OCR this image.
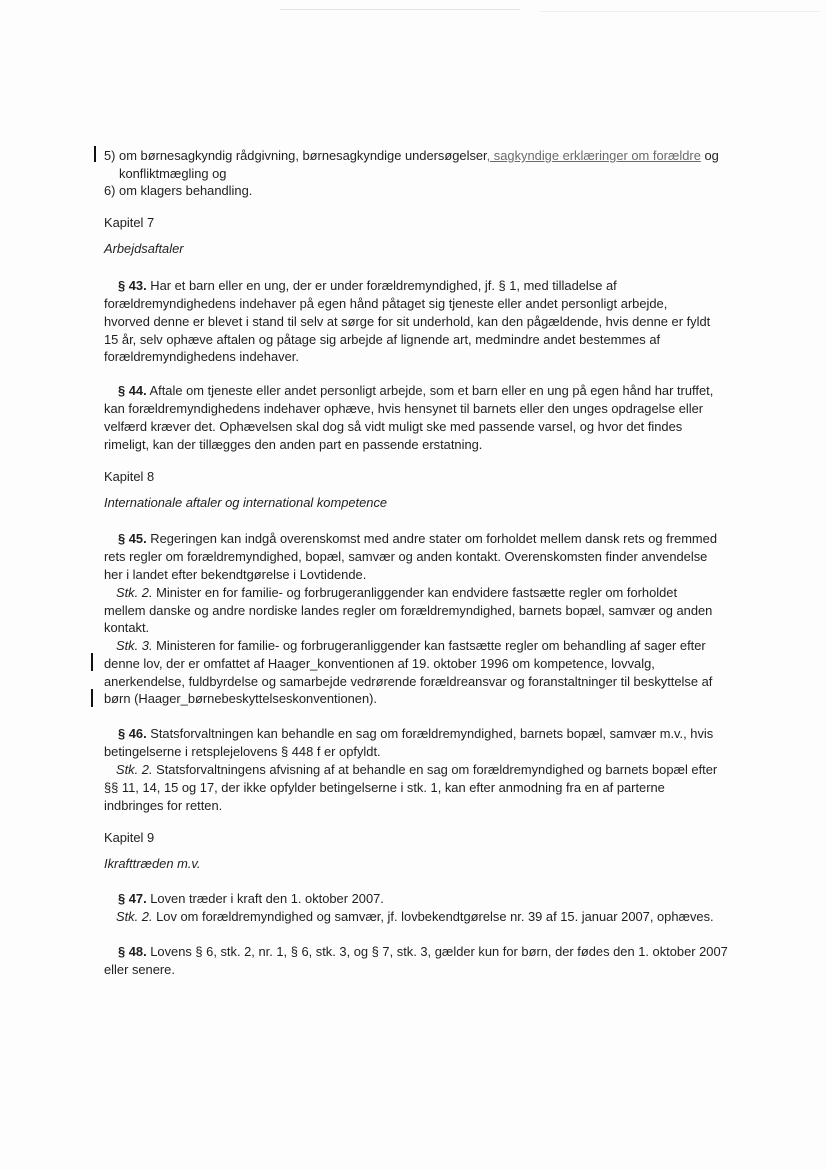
5) om børnesagkyndig rådgivning, børnesagkyndige undersøgelser, sagkyndige erklæringer om forældre og
konfliktmægling og
6) om klagers behandling.
Kapitel 7
Arbejdsaftaler
§ 43. Har et barn eller en ung, der er under forældremyndighed, jf. § 1, med tilladelse af
forældremyndighedens indehaver på egen hånd påtaget sig tjeneste eller andet personligt arbejde,
hvorved denne er blevet i stand til selv at sørge for sit underhold, kan den pågældende, hvis denne er fyldt
15 år, selv ophæve aftalen og påtage sig arbejde af lignende art, medmindre andet bestemmes af
forældremyndighedens indehaver.
§ 44. Aftale om tjeneste eller andet personligt arbejde, som et barn eller en ung på egen hånd har truffet,
kan forældremyndighedens indehaver ophæve, hvis hensynet til barnets eller den unges opdragelse eller
velfærd kræver det. Ophævelsen skal dog så vidt muligt ske med passende varsel, og hvor det findes
rimeligt, kan der tillægges den anden part en passende erstatning.
Kapitel 8
Internationale aftaler og international kompetence
§ 45. Regeringen kan indgå overenskomst med andre stater om forholdet mellem dansk rets og fremmed
rets regler om forældremyndighed, bopæl, samvær og anden kontakt. Overenskomsten finder anvendelse
her i landet efter bekendtgørelse i Lovtidende.
Stk. 2. Minister en for familie- og forbrugeranliggender kan endvidere fastsætte regler om forholdet
mellem danske og andre nordiske landes regler om forældremyndighed, barnets bopæl, samvær og anden
kontakt.
Stk. 3. Ministeren for familie- og forbrugeranliggender kan fastsætte regler om behandling af sager efter
denne lov, der er omfattet af Haager_konventionen af 19. oktober 1996 om kompetence, lovvalg,
anerkendelse, fuldbyrdelse og samarbejde vedrørende forældreansvar og foranstaltninger til beskyttelse af
børn (Haager_børnebeskyttelseskonventionen).
§ 46. Statsforvaltningen kan behandle en sag om forældremyndighed, barnets bopæl, samvær m.v., hvis
betingelserne i retsplejelovens § 448 f er opfyldt.
Stk. 2. Statsforvaltningens afvisning af at behandle en sag om forældremyndighed og barnets bopæl efter
§§ 11, 14, 15 og 17, der ikke opfylder betingelserne i stk. 1, kan efter anmodning fra en af parterne
indbringes for retten.
Kapitel 9
Ikrafttræden m.v.
§ 47. Loven træder i kraft den 1. oktober 2007.
Stk. 2. Lov om forældremyndighed og samvær, jf. lovbekendtgørelse nr. 39 af 15. januar 2007, ophæves.
§ 48. Lovens § 6, stk. 2, nr. 1, § 6, stk. 3, og § 7, stk. 3, gælder kun for børn, der fødes den 1. oktober 2007
eller senere.
